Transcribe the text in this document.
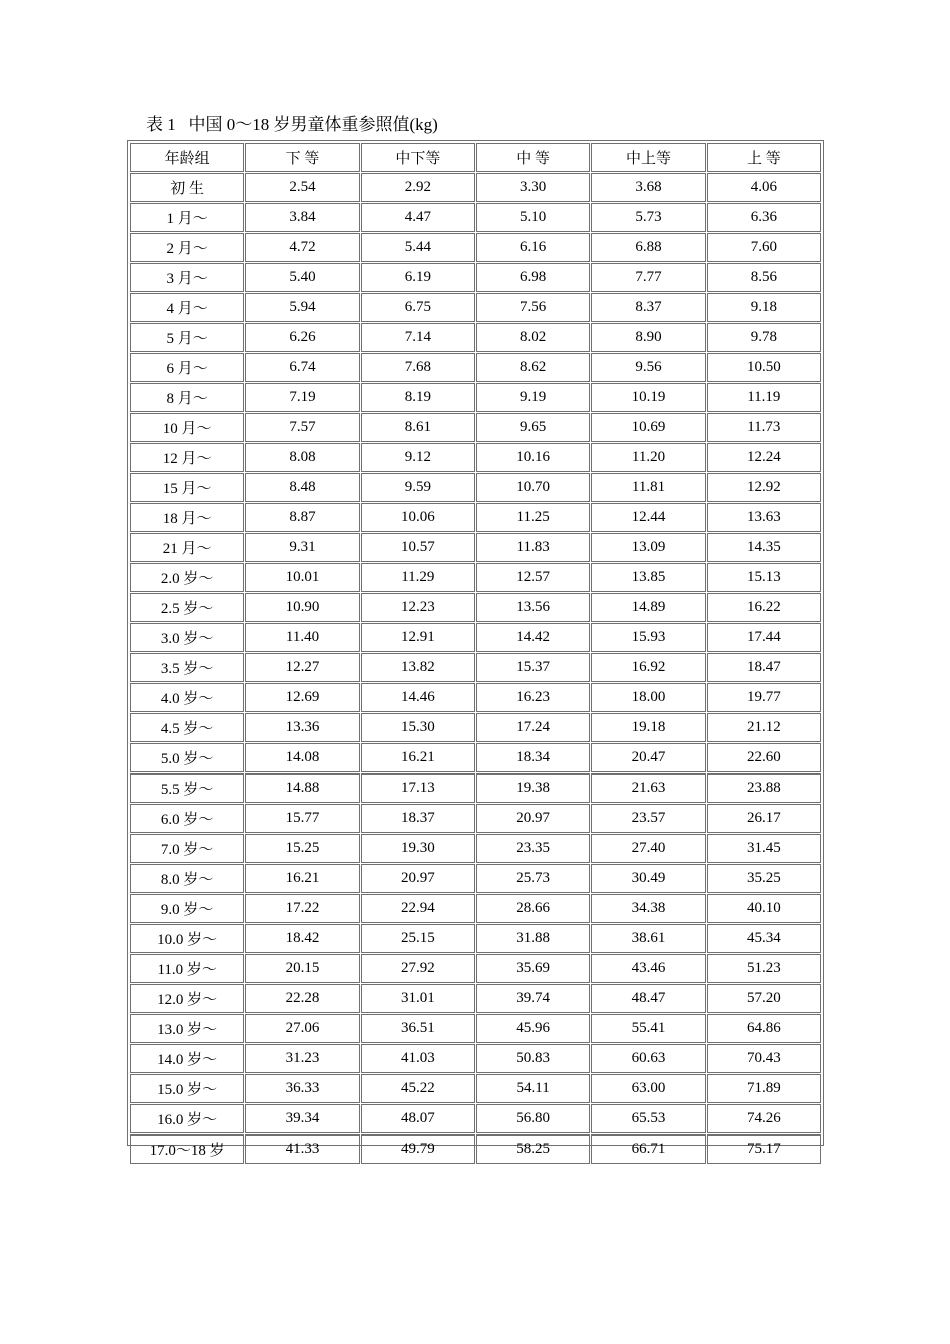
表 1   中国 0～18 岁男童体重参照值(kg)
年龄组	下 等	中下等	中 等	中上等	上 等
初 生	2.54	2.92	3.30	3.68	4.06
1 月～	3.84	4.47	5.10	5.73	6.36
2 月～	4.72	5.44	6.16	6.88	7.60
3 月～	5.40	6.19	6.98	7.77	8.56
4 月～	5.94	6.75	7.56	8.37	9.18
5 月～	6.26	7.14	8.02	8.90	9.78
6 月～	6.74	7.68	8.62	9.56	10.50
8 月～	7.19	8.19	9.19	10.19	11.19
10 月～	7.57	8.61	9.65	10.69	11.73
12 月～	8.08	9.12	10.16	11.20	12.24
15 月～	8.48	9.59	10.70	11.81	12.92
18 月～	8.87	10.06	11.25	12.44	13.63
21 月～	9.31	10.57	11.83	13.09	14.35
2.0 岁～	10.01	11.29	12.57	13.85	15.13
2.5 岁～	10.90	12.23	13.56	14.89	16.22
3.0 岁～	11.40	12.91	14.42	15.93	17.44
3.5 岁～	12.27	13.82	15.37	16.92	18.47
4.0 岁～	12.69	14.46	16.23	18.00	19.77
4.5 岁～	13.36	15.30	17.24	19.18	21.12
5.0 岁～	14.08	16.21	18.34	20.47	22.60
5.5 岁～	14.88	17.13	19.38	21.63	23.88
6.0 岁～	15.77	18.37	20.97	23.57	26.17
7.0 岁～	15.25	19.30	23.35	27.40	31.45
8.0 岁～	16.21	20.97	25.73	30.49	35.25
9.0 岁～	17.22	22.94	28.66	34.38	40.10
10.0 岁～	18.42	25.15	31.88	38.61	45.34
11.0 岁～	20.15	27.92	35.69	43.46	51.23
12.0 岁～	22.28	31.01	39.74	48.47	57.20
13.0 岁～	27.06	36.51	45.96	55.41	64.86
14.0 岁～	31.23	41.03	50.83	60.63	70.43
15.0 岁～	36.33	45.22	54.11	63.00	71.89
16.0 岁～	39.34	48.07	56.80	65.53	74.26
17.0～18 岁	41.33	49.79	58.25	66.71	75.17
